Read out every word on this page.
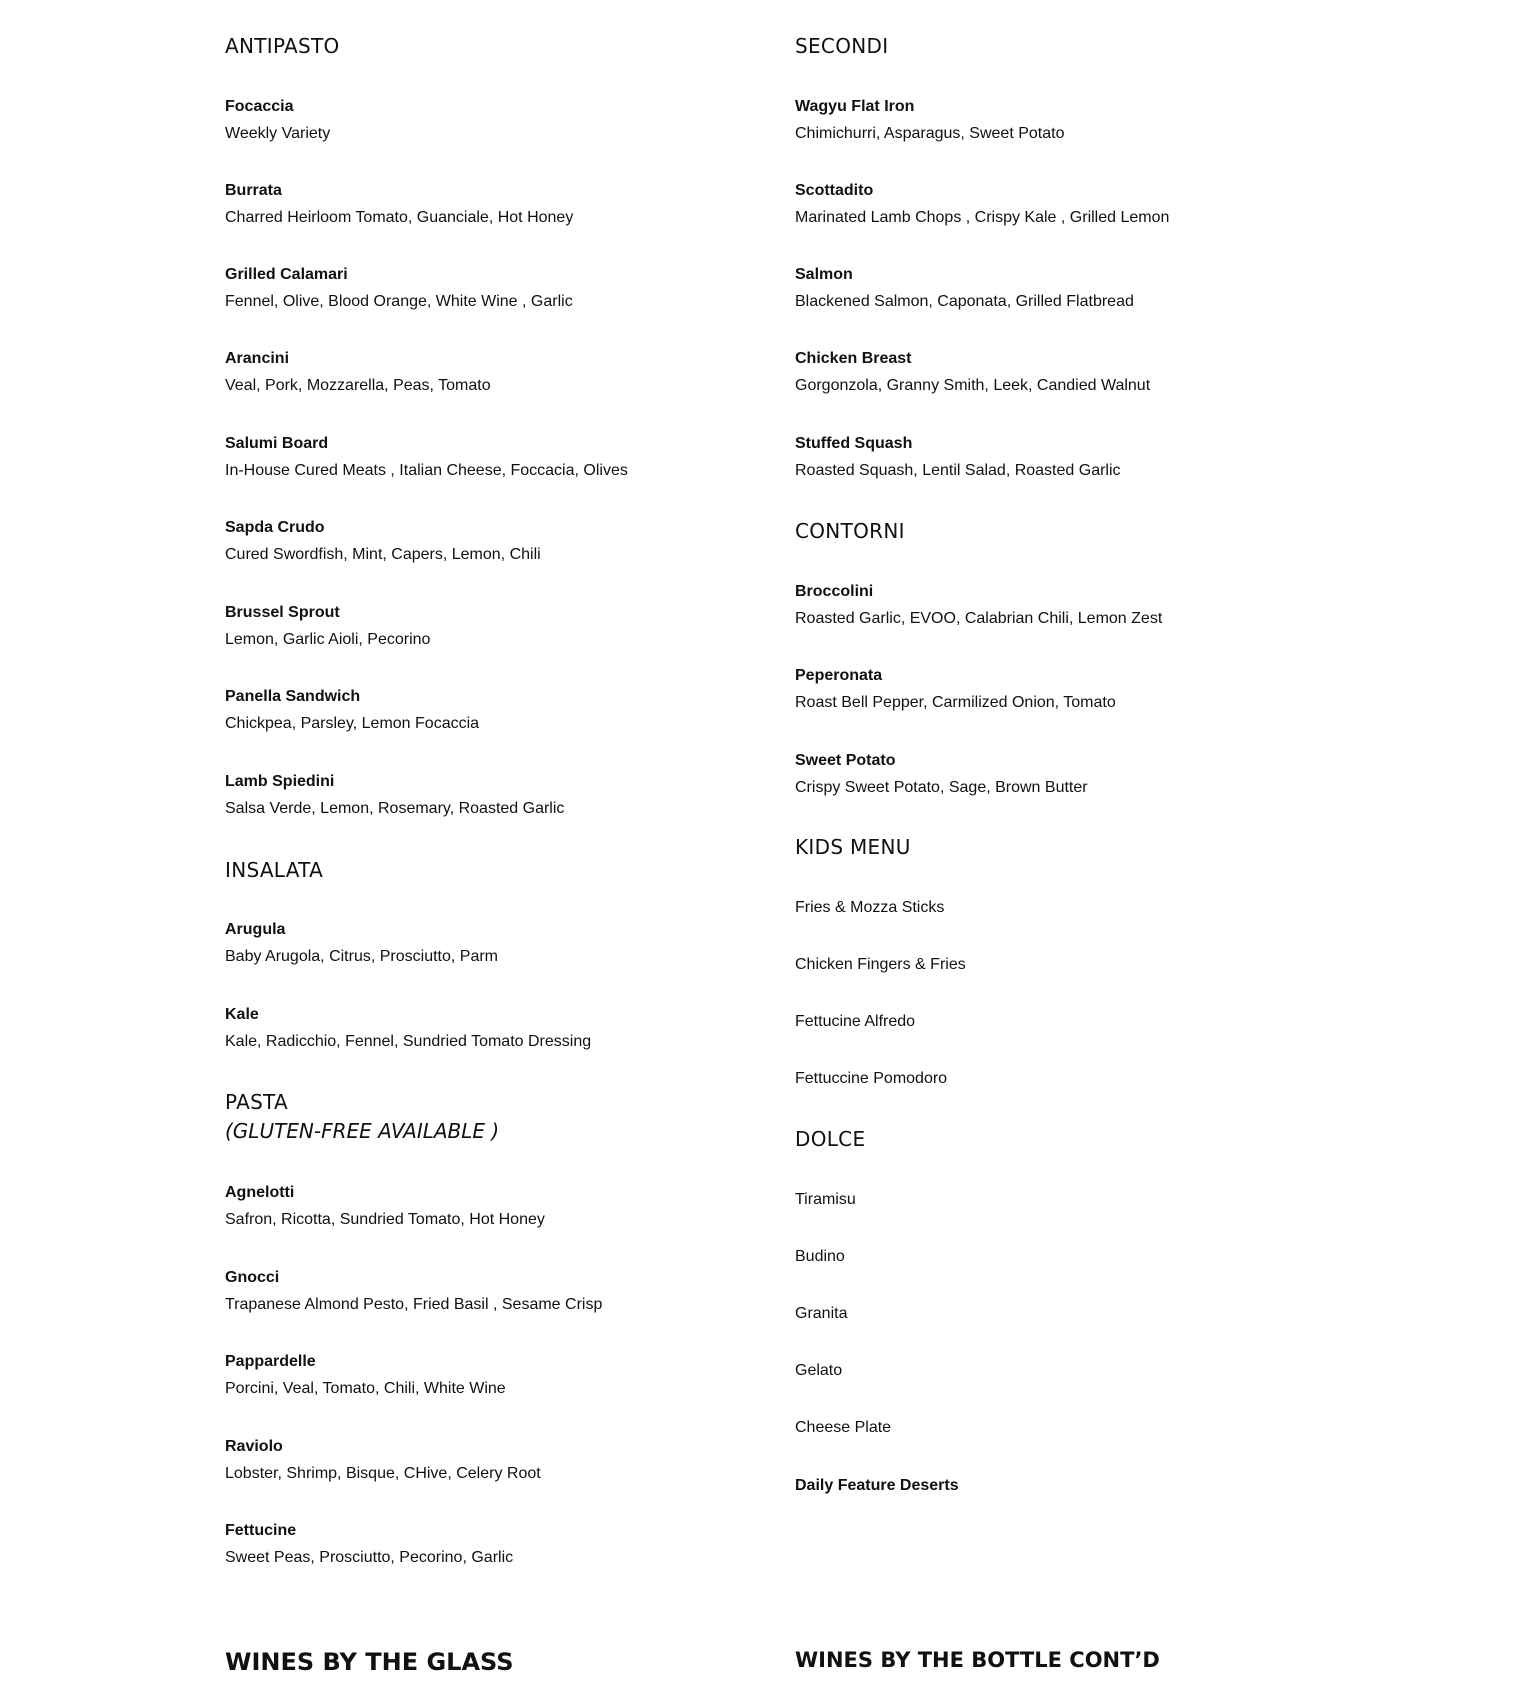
ANTIPASTO

Focaccia

Weekly Variety

Burrata

Charred Heirloom Tomato, Guanciale, Hot Honey

Grilled Calamari

Fennel, Olive, Blood Orange, White Wine , Garlic

Arancini

Veal, Pork, Mozzarella, Peas, Tomato

Salumi Board

In-House Cured Meats , Italian Cheese, Foccacia, Olives

Sapda Crudo

Cured Swordfish, Mint, Capers, Lemon, Chili

Brussel Sprout

Lemon, Garlic Aioli, Pecorino

Panella Sandwich

Chickpea, Parsley, Lemon Focaccia

Lamb Spiedini

Salsa Verde, Lemon, Rosemary, Roasted Garlic

INSALATA

Arugula

Baby Arugola, Citrus, Prosciutto, Parm

Kale

Kale, Radicchio, Fennel, Sundried Tomato Dressing

PASTA

(GLUTEN-FREE AVAILABLE )

Agnelotti

Safron, Ricotta, Sundried Tomato, Hot Honey

Gnocci

Trapanese Almond Pesto, Fried Basil , Sesame Crisp

Pappardelle

Porcini, Veal, Tomato, Chili, White Wine

Raviolo

Lobster, Shrimp, Bisque, CHive, Celery Root

Fettucine

Sweet Peas, Prosciutto, Pecorino, Garlic

WINES BY THE GLASS
SECONDI

Wagyu Flat Iron

Chimichurri, Asparagus, Sweet Potato

Scottadito

Marinated Lamb Chops , Crispy Kale , Grilled Lemon

Salmon

Blackened Salmon, Caponata, Grilled Flatbread

Chicken Breast

Gorgonzola, Granny Smith, Leek, Candied Walnut

Stuffed Squash

Roasted Squash, Lentil Salad, Roasted Garlic

CONTORNI

Broccolini

Roasted Garlic, EVOO, Calabrian Chili, Lemon Zest

Peperonata

Roast Bell Pepper, Carmilized Onion, Tomato

Sweet Potato

Crispy Sweet Potato, Sage, Brown Butter

KIDS MENU

Fries & Mozza Sticks

Chicken Fingers & Fries

Fettucine Alfredo

Fettuccine Pomodoro

DOLCE

Tiramisu

Budino

Granita

Gelato

Cheese Plate

Daily Feature Deserts

WINES BY THE BOTTLE CONT’D
